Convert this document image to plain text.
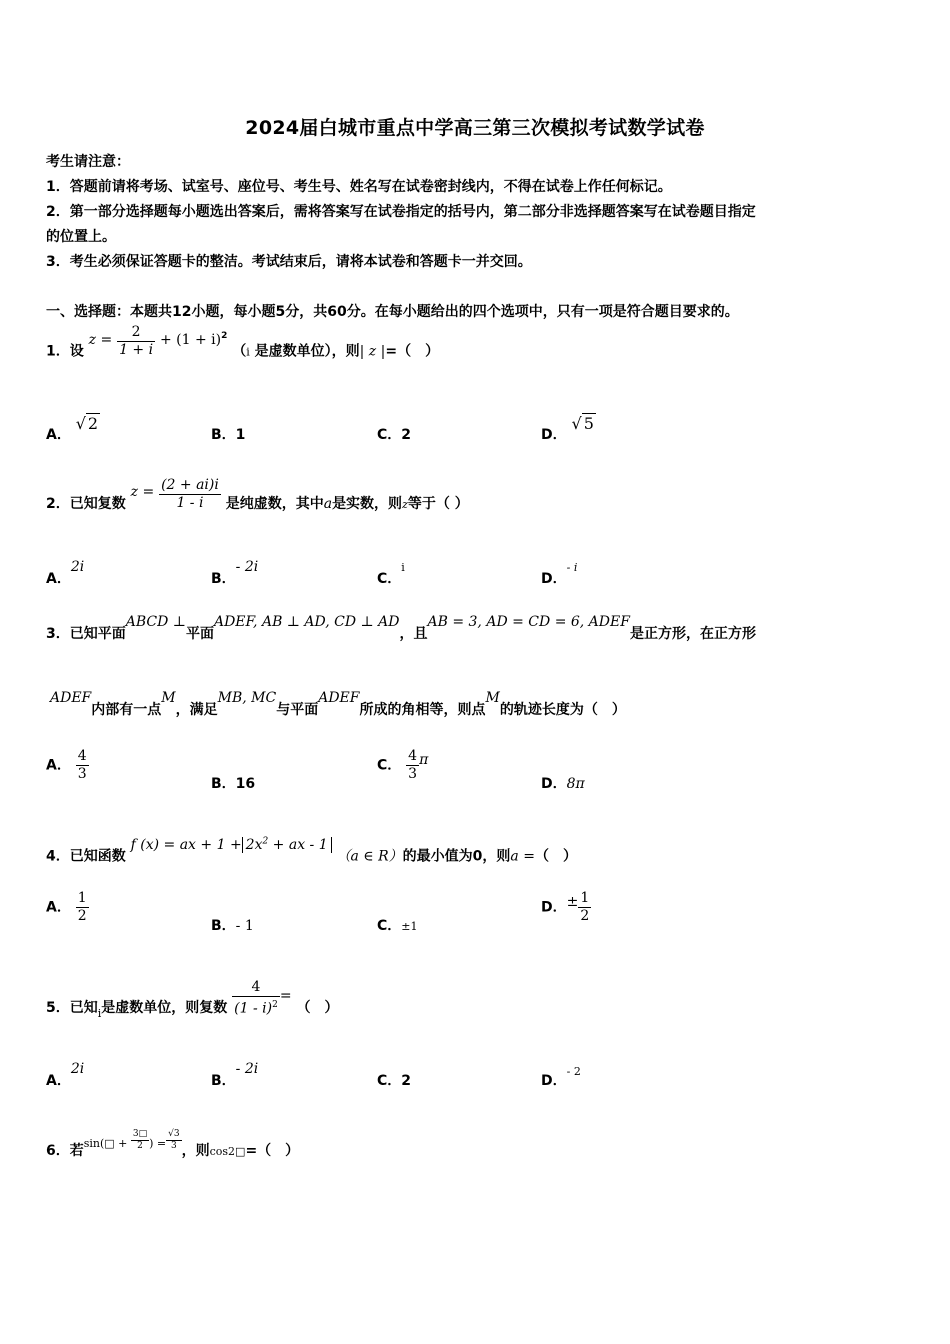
2024届白城市重点中学高三第三次模拟考试数学试卷
考生请注意：
1．答题前请将考场、试室号、座位号、考生号、姓名写在试卷密封线内，不得在试卷上作任何标记。
2．第一部分选择题每小题选出答案后，需将答案写在试卷指定的括号内，第二部分非选择题答案写在试卷题目指定
的位置上。
3．考生必须保证答题卡的整洁。考试结束后，请将本试卷和答题卡一并交回。
一、选择题：本题共12小题，每小题5分，共60分。在每小题给出的四个选项中，只有一项是符合题目要求的。
1．设 $z = \frac{2}{1 + i} + (1 + i)^2$ （i 是虚数单位），则| z |=（　）
A． √ 2
B．1	C．2	D． √ 5
2．已知复数 $z = \frac{(2 + ai)i}{1 - i}$ 是纯虚数，其中a是实数，则z等于（ ）
A．2i
B．- 2i
C．i
D．- i
3．已知平面ABCD ⊥平面ADEF, AB ⊥ AD, CD ⊥ AD，且AB = 3, AD = CD = 6, ADEF是正方形，在正方形
ADEF内部有一点M，满足MB, MC与平面ADEF所成的角相等，则点M的轨迹长度为（　）
A． $\frac{4}{3}$
B．16
C． $\frac{4}{3}$ π
D．8π
4．已知函数 f (x) = ax + $1 + 2x^2$ + ax - 1 （a ∈ R）的最小值为0，则a =（　）
A． $\frac{1}{2}$
B．- 1	C．±1
D．± $\frac{1}{2}$
5．已知$_i$是虚数单位，则复数 $\frac{4}{(1 - i)^2}$ = （　）
A．2i
B．- 2i
C．2	D．- 2
6．若$^{sin(□ +} \frac{3□}{2} ^{) =} \frac{√3}{3}$ ，则cos2□=（　）
